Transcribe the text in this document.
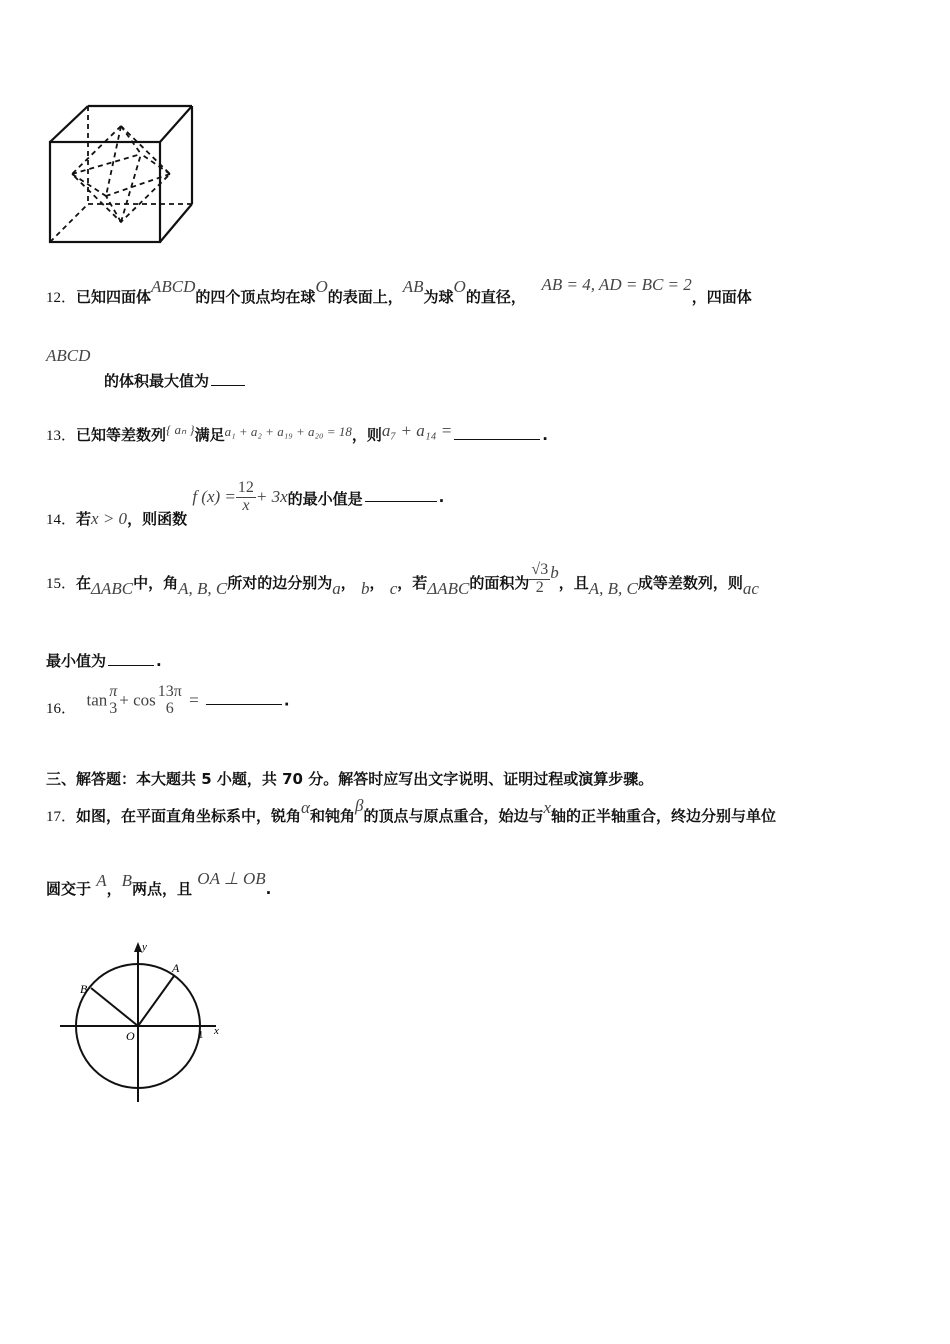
12．已知四面体ABCD的四个顶点均在球O的表面上，AB为球O的直径，   AB = 4, AD = BC = 2，四面体
ABCD
的体积最大值为
13．已知等差数列{ aₙ }满足a₁ + a₂ + a₁₉ + a₂₀ = 18，则a₇ + a₁₄ =	.
14．若x > 0，则函数 f $(x) = \frac{12}{x} + 3x$的最小值是	.
15．在ΔABC中，角A, B, C所对的边分别为a， b， c，若ΔABC的面积为 $\frac{√3}{2}$ b，且A, B, C成等差数列，则ac
最小值为	.
16． tan π
3 + cos 13π
6 =	.
三、解答题：本大题共 5 小题，共 70 分。解答时应写出文字说明、证明过程或演算步骤。
17．如图，在平面直角坐标系中，锐角α和钝角β的顶点与原点重合，始边与x轴的正半轴重合，终边分别与单位
圆交于 A，B两点，且 OA ⊥ OB.
y
x
A
B
O	1
